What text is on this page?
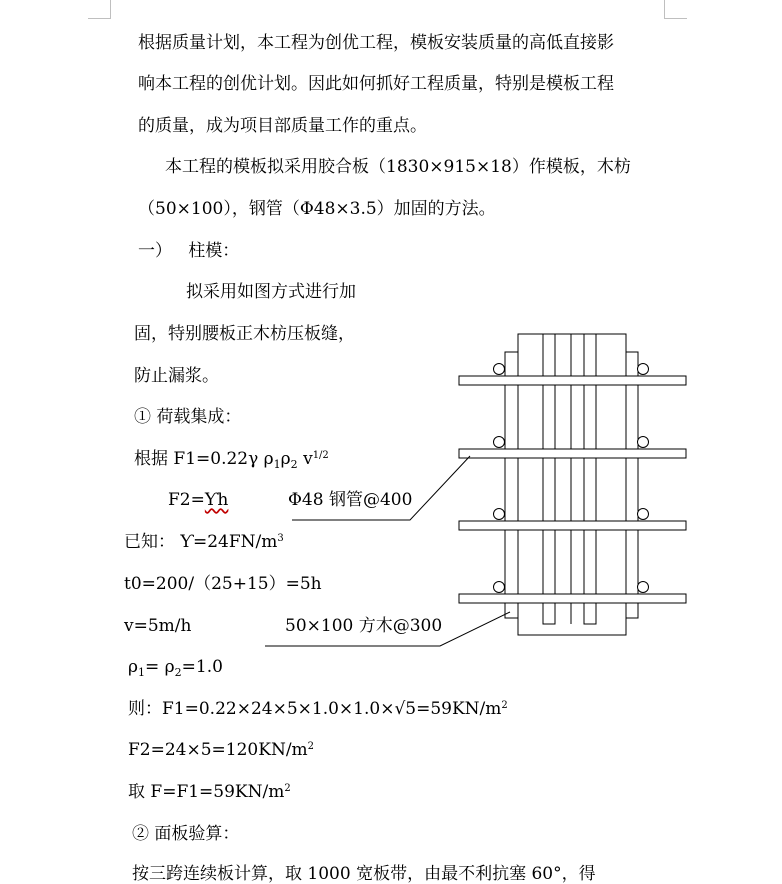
根据质量计划，本工程为创优工程，模板安装质量的高低直接影
响本工程的创优计划。因此如何抓好工程质量，特别是模板工程
的质量，成为项目部质量工作的重点。
本工程的模板拟采用胶合板（1830×915×18）作模板，木枋
（50×100），钢管（Φ48×3.5）加固的方法。
一）   柱模：
拟采用如图方式进行加
固，特别腰板正木枋压板缝，
防止漏浆。
① 荷载集成：
根据 F1=0.22γ $\rho_1\rho_2$ $v^{1/2}$
F2=Ƴh
已知： $Ƴ=24FN/m^3$
t0=200/（25+15）=5h
v=5m/h
$\rho_1= \rho_2=1.0$
则：$F1=0.22\times 24\times 5\times 1.0\times 1.0\times√5=59KN/m^2$
$F2=24\times 5=120KN/m^2$
取 $F=F1=59KN/m^2$
② 面板验算：
按三跨连续板计算，取 1000 宽板带，由最不利抗塞 60°，得
Φ48 钢管@400
50×100 方木@300
